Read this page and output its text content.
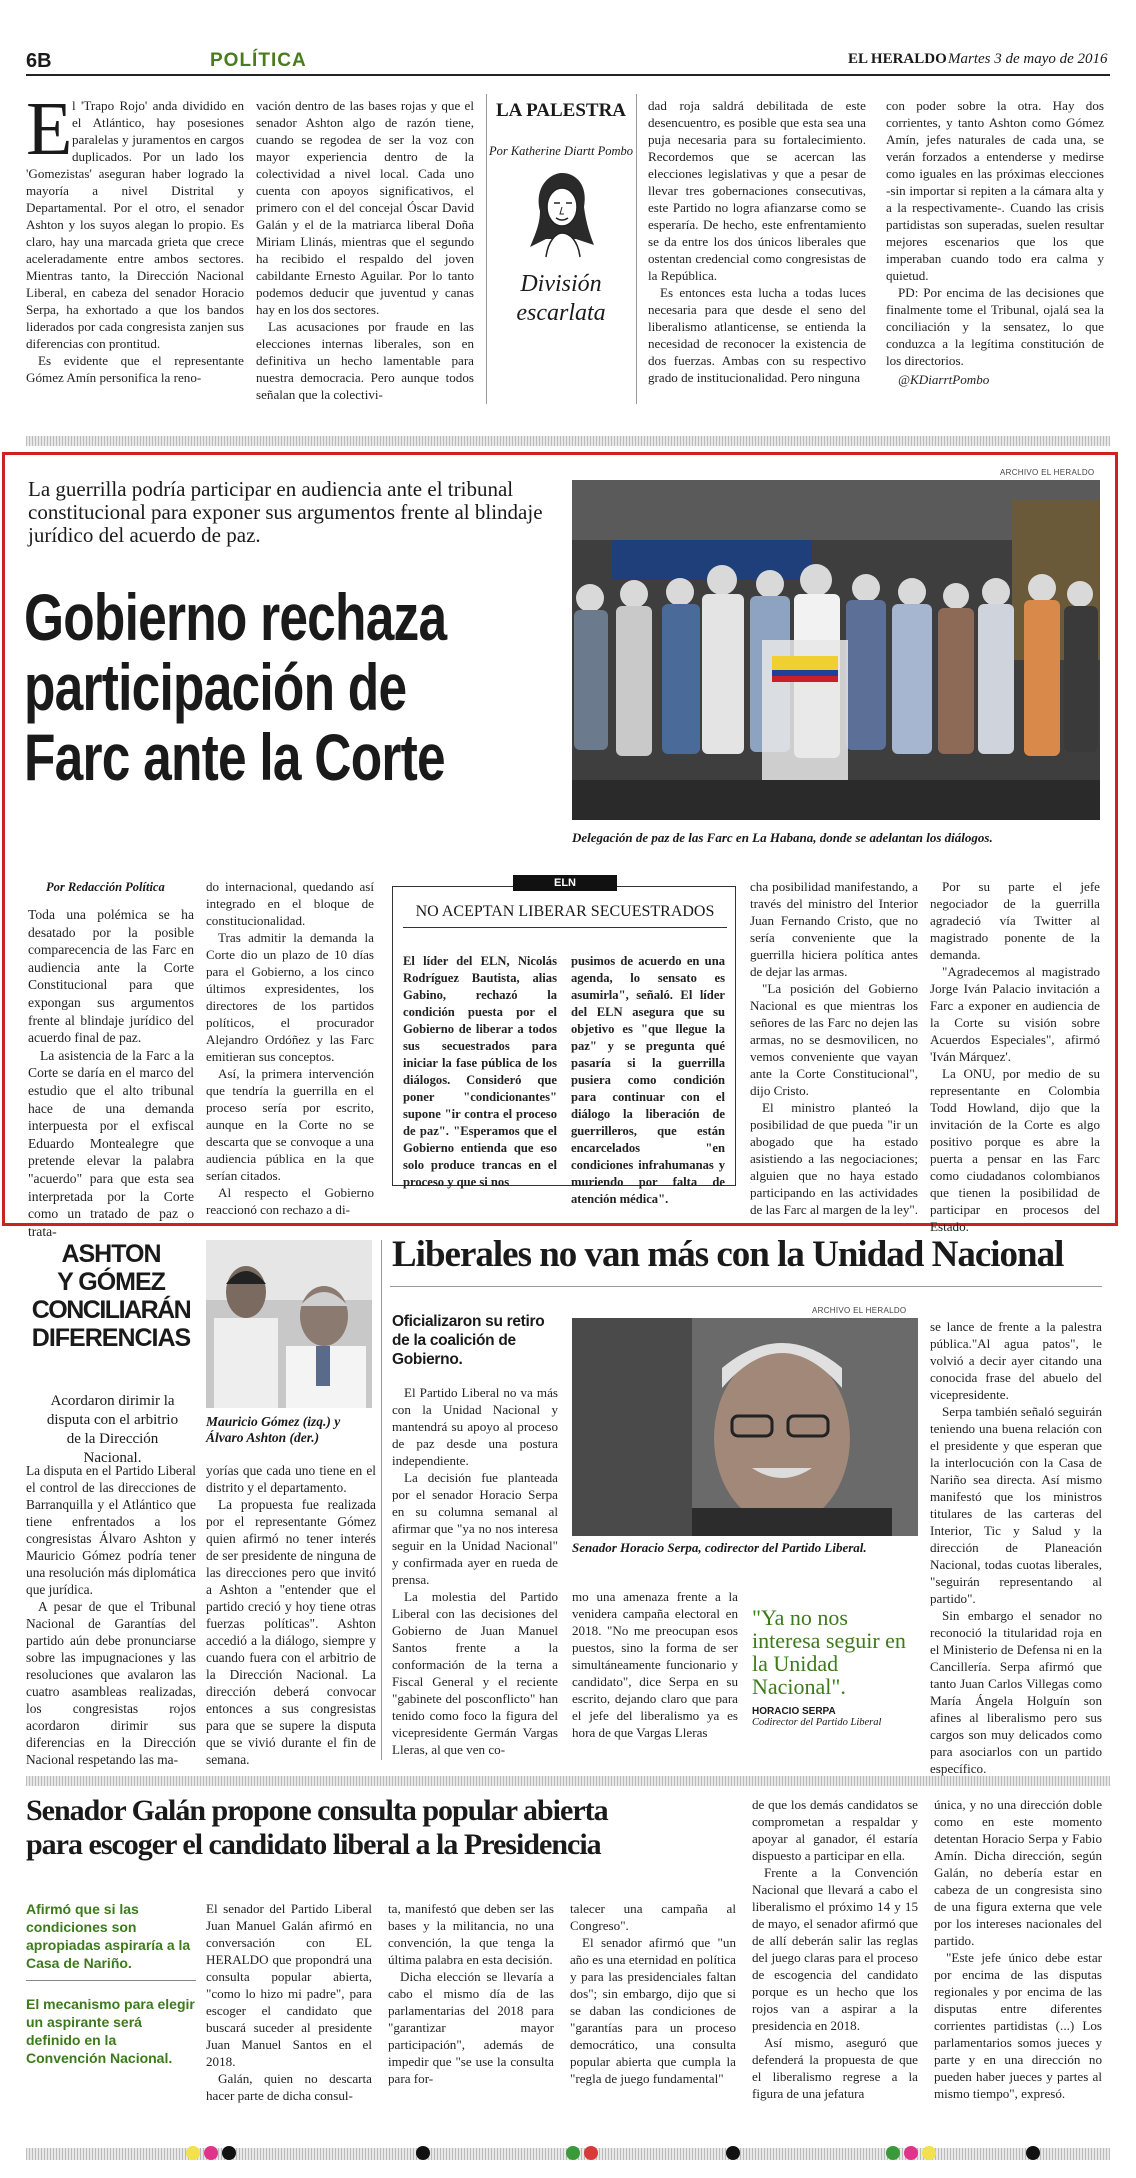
6B	POLÍTICA	EL HERALDO Martes 3 de mayo de 2016
E l 'Trapo Rojo' anda dividido en el Atlántico, hay posesiones paralelas y juramentos en cargos duplicados. Por un lado los 'Gomezistas' aseguran haber logrado la mayoría a nivel Distrital y Departamental. Por el otro, el senador Ashton y los suyos alegan lo propio. Es claro, hay una marcada grieta que crece aceleradamente entre ambos sectores. Mientras tanto, la Dirección Nacional Liberal, en cabeza del senador Horacio Serpa, ha exhortado a que los bandos liderados por cada congresista zanjen sus diferencias con prontitud.

Es evidente que el representante Gómez Amín personifica la reno-

vación dentro de las bases rojas y que el senador Ashton algo de razón tiene, cuando se regodea de ser la voz con mayor experiencia dentro de la colectividad a nivel local. Cada uno cuenta con apoyos significativos, el primero con el del concejal Óscar David Galán y el de la matriarca liberal Doña Miriam Llinás, mientras que el segundo ha recibido el respaldo del joven cabildante Ernesto Aguilar. Por lo tanto podemos deducir que juventud y canas hay en los dos sectores.

Las acusaciones por fraude en las elecciones internas liberales, son en definitiva un hecho lamentable para nuestra democracia. Pero aunque todos señalan que la colectivi-

LA PALESTRA
Por Katherine Diartt Pombo
División escarlata

dad roja saldrá debilitada de este desencuentro, es posible que esta sea una puja necesaria para su fortalecimiento. Recordemos que se acercan las elecciones legislativas y que a pesar de llevar tres gobernaciones consecutivas, este Partido no logra afianzarse como se esperaría. De hecho, este enfrentamiento se da entre los dos únicos liberales que ostentan credencial como congresistas de la República.

Es entonces esta lucha a todas luces necesaria para que desde el seno del liberalismo atlanticense, se entienda la necesidad de reconocer la existencia de dos fuerzas. Ambas con su respectivo grado de institucionalidad. Pero ninguna

con poder sobre la otra. Hay dos corrientes, y tanto Ashton como Gómez Amín, jefes naturales de cada una, se verán forzados a entenderse y medirse como iguales en las próximas elecciones -sin importar si repiten a la cámara alta y a la respectivamente-. Cuando las crisis partidistas son superadas, suelen resultar mejores escenarios que los que imperaban cuando todo era calma y quietud.

PD: Por encima de las decisiones que finalmente tome el Tribunal, ojalá sea la conciliación y la sensatez, lo que conduzca a la legítima constitución de los directorios.

@KDiarrtPombo

La guerrilla podría participar en audiencia ante el tribunal constitucional para exponer sus argumentos frente al blindaje jurídico del acuerdo de paz.
Gobierno rechaza
participación de
Farc ante la Corte
ARCHIVO EL HERALDO
Delegación de paz de las Farc en La Habana, donde se adelantan los diálogos.
Por Redacción Política

Toda una polémica se ha desatado por la posible comparecencia de las Farc en audiencia ante la Corte Constitucional para que expongan sus argumentos frente al blindaje jurídico del acuerdo final de paz.

La asistencia de la Farc a la Corte se daría en el marco del estudio que el alto tribunal hace de una demanda interpuesta por el exfiscal Eduardo Montealegre que pretende elevar la palabra "acuerdo" para que esta sea interpretada por la Corte como un tratado de paz o trata-

do internacional, quedando así integrado en el bloque de constitucionalidad.

Tras admitir la demanda la Corte dio un plazo de 10 días para el Gobierno, a los cinco últimos expresidentes, los directores de los partidos políticos, el procurador Alejandro Ordóñez y las Farc emitieran sus conceptos.

Así, la primera intervención que tendría la guerrilla en el proceso sería por escrito, aunque en la Corte no se descarta que se convoque a una audiencia pública en la que serían citados.

Al respecto el Gobierno reaccionó con rechazo a di-

ELN
NO ACEPTAN LIBERAR SECUESTRADOS
El líder del ELN, Nicolás Rodríguez Bautista, alias Gabino, rechazó la condición puesta por el Gobierno de liberar a todos sus secuestrados para iniciar la fase pública de los diálogos. Consideró que poner "condicionantes" supone "ir contra el proceso de paz". "Esperamos que el Gobierno entienda que eso solo produce trancas en el proceso y que si nos
pusimos de acuerdo en una agenda, lo sensato es asumirla", señaló. El líder del ELN asegura que su objetivo es "que llegue la paz" y se pregunta qué pasaría si la guerrilla pusiera como condición para continuar con el diálogo la liberación de guerrilleros, que están encarcelados "en condiciones infrahumanas y muriendo por falta de atención médica".

cha posibilidad manifestando, a través del ministro del Interior Juan Fernando Cristo, que no sería conveniente que la guerrilla hiciera política antes de dejar las armas.

"La posición del Gobierno Nacional es que mientras los señores de las Farc no dejen las armas, no se desmovilicen, no vemos conveniente que vayan ante la Corte Constitucional", dijo Cristo.

El ministro planteó la posibilidad de que pueda "ir un abogado que ha estado asistiendo a las negociaciones; alguien que no haya estado participando en las actividades de las Farc al margen de la ley".

Por su parte el jefe negociador de la guerrilla agradeció vía Twitter al magistrado ponente de la demanda.

"Agradecemos al magistrado Jorge Iván Palacio invitación a Farc a exponer en audiencia de la Corte su visión sobre Acuerdos Especiales", afirmó 'Iván Márquez'.

La ONU, por medio de su representante en Colombia Todd Howland, dijo que la invitación de la Corte es algo positivo porque es abre la puerta a pensar en las Farc como ciudadanos colombianos que tienen la posibilidad de participar en procesos del Estado.

ASHTON
Y GÓMEZ
CONCILIARÁN
DIFERENCIAS
Acordaron dirimir la disputa con el arbitrio de la Dirección Nacional.
Mauricio Gómez (izq.) y Álvaro Ashton (der.)

La disputa en el Partido Liberal el control de las direcciones de Barranquilla y el Atlántico que tiene enfrentados a los congresistas Álvaro Ashton y Mauricio Gómez podría tener una resolución más diplomática que jurídica.

A pesar de que el Tribunal Nacional de Garantías del partido aún debe pronunciarse sobre las impugnaciones y las resoluciones que avalaron las cuatro asambleas realizadas, los congresistas rojos acordaron dirimir sus diferencias en la Dirección Nacional respetando las ma-

yorías que cada uno tiene en el distrito y el departamento.

La propuesta fue realizada por el representante Gómez quien afirmó no tener interés de ser presidente de ninguna de las direcciones pero que invitó a Ashton a "entender que el partido creció y hoy tiene otras fuerzas políticas". Ashton accedió a la diálogo, siempre y cuando fuera con el arbitrio de la Dirección Nacional. La dirección deberá convocar entonces a sus congresistas para que se supere la disputa que se vivió durante el fin de semana.

Liberales no van más con la Unidad Nacional
Oficializaron su retiro de la coalición de Gobierno.
ARCHIVO EL HERALDO
Senador Horacio Serpa, codirector del Partido Liberal.

El Partido Liberal no va más con la Unidad Nacional y mantendrá su apoyo al proceso de paz desde una postura independiente.

La decisión fue planteada por el senador Horacio Serpa en su columna semanal al afirmar que "ya no nos interesa seguir en la Unidad Nacional" y confirmada ayer en rueda de prensa.

La molestia del Partido Liberal con las decisiones del Gobierno de Juan Manuel Santos frente a la conformación de la terna a Fiscal General y el reciente "gabinete del posconflicto" han tenido como foco la figura del vicepresidente Germán Vargas Lleras, al que ven co-

mo una amenaza frente a la venidera campaña electoral en 2018. "No me preocupan esos puestos, sino la forma de ser simultáneamente funcionario y candidato", dice Serpa en su escrito, dejando claro que para el jefe del liberalismo ya es hora de que Vargas Lleras

"Ya no nos interesa seguir en la Unidad Nacional".
HORACIO SERPA
Codirector del Partido Liberal

se lance de frente a la palestra pública."Al agua patos", le volvió a decir ayer citando una conocida frase del abuelo del vicepresidente.

Serpa también señaló seguirán teniendo una buena relación con el presidente y que esperan que la interlocución con la Casa de Nariño sea directa. Así mismo manifestó que los ministros titulares de las carteras del Interior, Tic y Salud y la dirección de Planeación Nacional, todas cuotas liberales, "seguirán representando al partido".

Sin embargo el senador no reconoció la titularidad roja en el Ministerio de Defensa ni en la Cancillería. Serpa afirmó que tanto Juan Carlos Villegas como María Ángela Holguín son afines al liberalismo pero sus cargos son muy delicados como para asociarlos con un partido específico.

Senador Galán propone consulta popular abierta
para escoger el candidato liberal a la Presidencia
Afirmó que si las condiciones son apropiadas aspiraría a la Casa de Nariño.
El mecanismo para elegir un aspirante será definido en la Convención Nacional.

El senador del Partido Liberal Juan Manuel Galán afirmó en conversación con EL HERALDO que propondrá una consulta popular abierta, "como lo hizo mi padre", para escoger el candidato que buscará suceder al presidente Juan Manuel Santos en el 2018.

Galán, quien no descarta hacer parte de dicha consul-

ta, manifestó que deben ser las bases y la militancia, no una convención, la que tenga la última palabra en esta decisión.

Dicha elección se llevaría a cabo el mismo día de las parlamentarias del 2018 para "garantizar mayor participación", además de impedir que "se use la consulta para for-

talecer una campaña al Congreso".

El senador afirmó que "un año es una eternidad en política y para las presidenciales faltan dos"; sin embargo, dijo que si se daban las condiciones de "garantías para un proceso democrático, una consulta popular abierta que cumpla la "regla de juego fundamental"

de que los demás candidatos se comprometan a respaldar y apoyar al ganador, él estaría dispuesto a participar en ella.

Frente a la Convención Nacional que llevará a cabo el liberalismo el próximo 14 y 15 de mayo, el senador afirmó que de allí deberán salir las reglas del juego claras para el proceso de escogencia del candidato porque es un hecho que los rojos van a aspirar a la presidencia en 2018.

Así mismo, aseguró que defenderá la propuesta de que el liberalismo regrese a la figura de una jefatura

única, y no una dirección doble como en este momento detentan Horacio Serpa y Fabio Amín. Dicha dirección, según Galán, no debería estar en cabeza de un congresista sino de una figura externa que vele por los intereses nacionales del partido.

"Este jefe único debe estar por encima de las disputas regionales y por encima de las disputas entre diferentes corrientes partidistas (...) Los parlamentarios somos jueces y parte y en una dirección no pueden haber jueces y partes al mismo tiempo", expresó.
